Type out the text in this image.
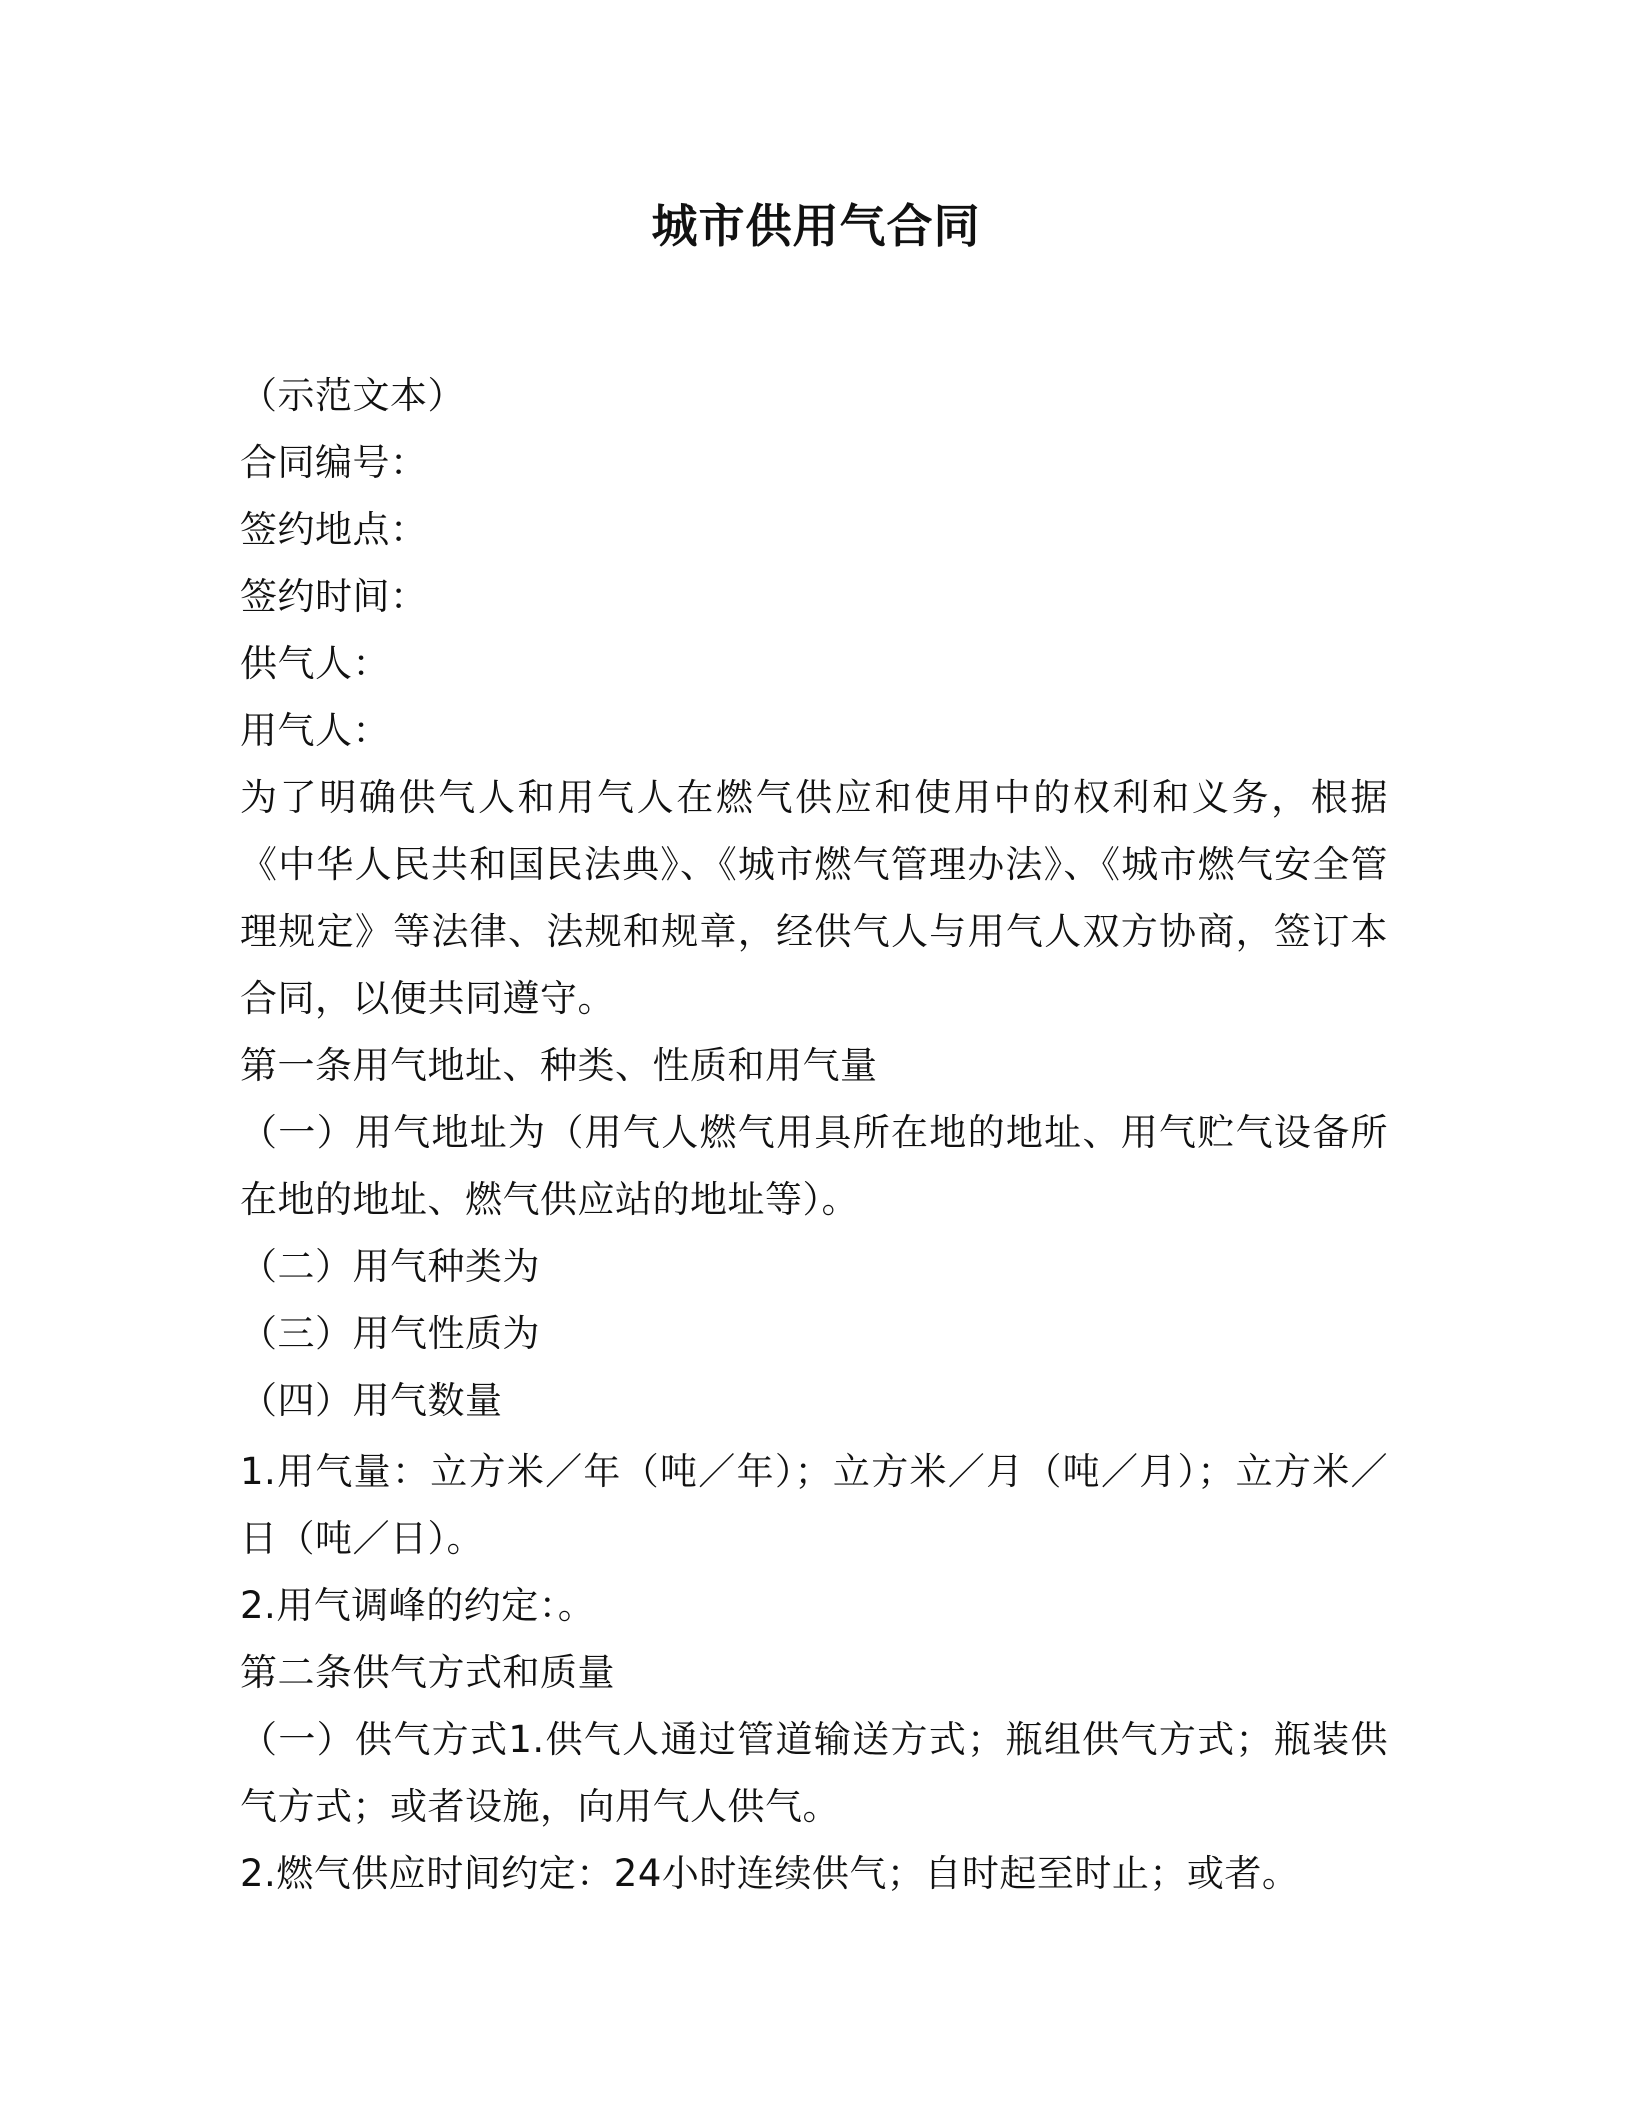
城市供用气合同
（示范文本）
合同编号：
签约地点：
签约时间：
供气人：
用气人：
为了明确供气人和用气人在燃气供应和使用中的权利和义务，根据《中华人民共和国民法典》、《城市燃气管理办法》、《城市燃气安全管理规定》等法律、法规和规章，经供气人与用气人双方协商，签订本合同，以便共同遵守。
第一条用气地址、种类、性质和用气量
（一）用气地址为（用气人燃气用具所在地的地址、用气贮气设备所在地的地址、燃气供应站的地址等）。
（二）用气种类为
（三）用气性质为
（四）用气数量
1.用气量：立方米／年（吨／年）；立方米／月（吨／月）；立方米／日（吨／日）。
2.用气调峰的约定：。
第二条供气方式和质量
（一）供气方式1.供气人通过管道输送方式；瓶组供气方式；瓶装供气方式；或者设施，向用气人供气。
2.燃气供应时间约定：24小时连续供气；自时起至时止；或者。
